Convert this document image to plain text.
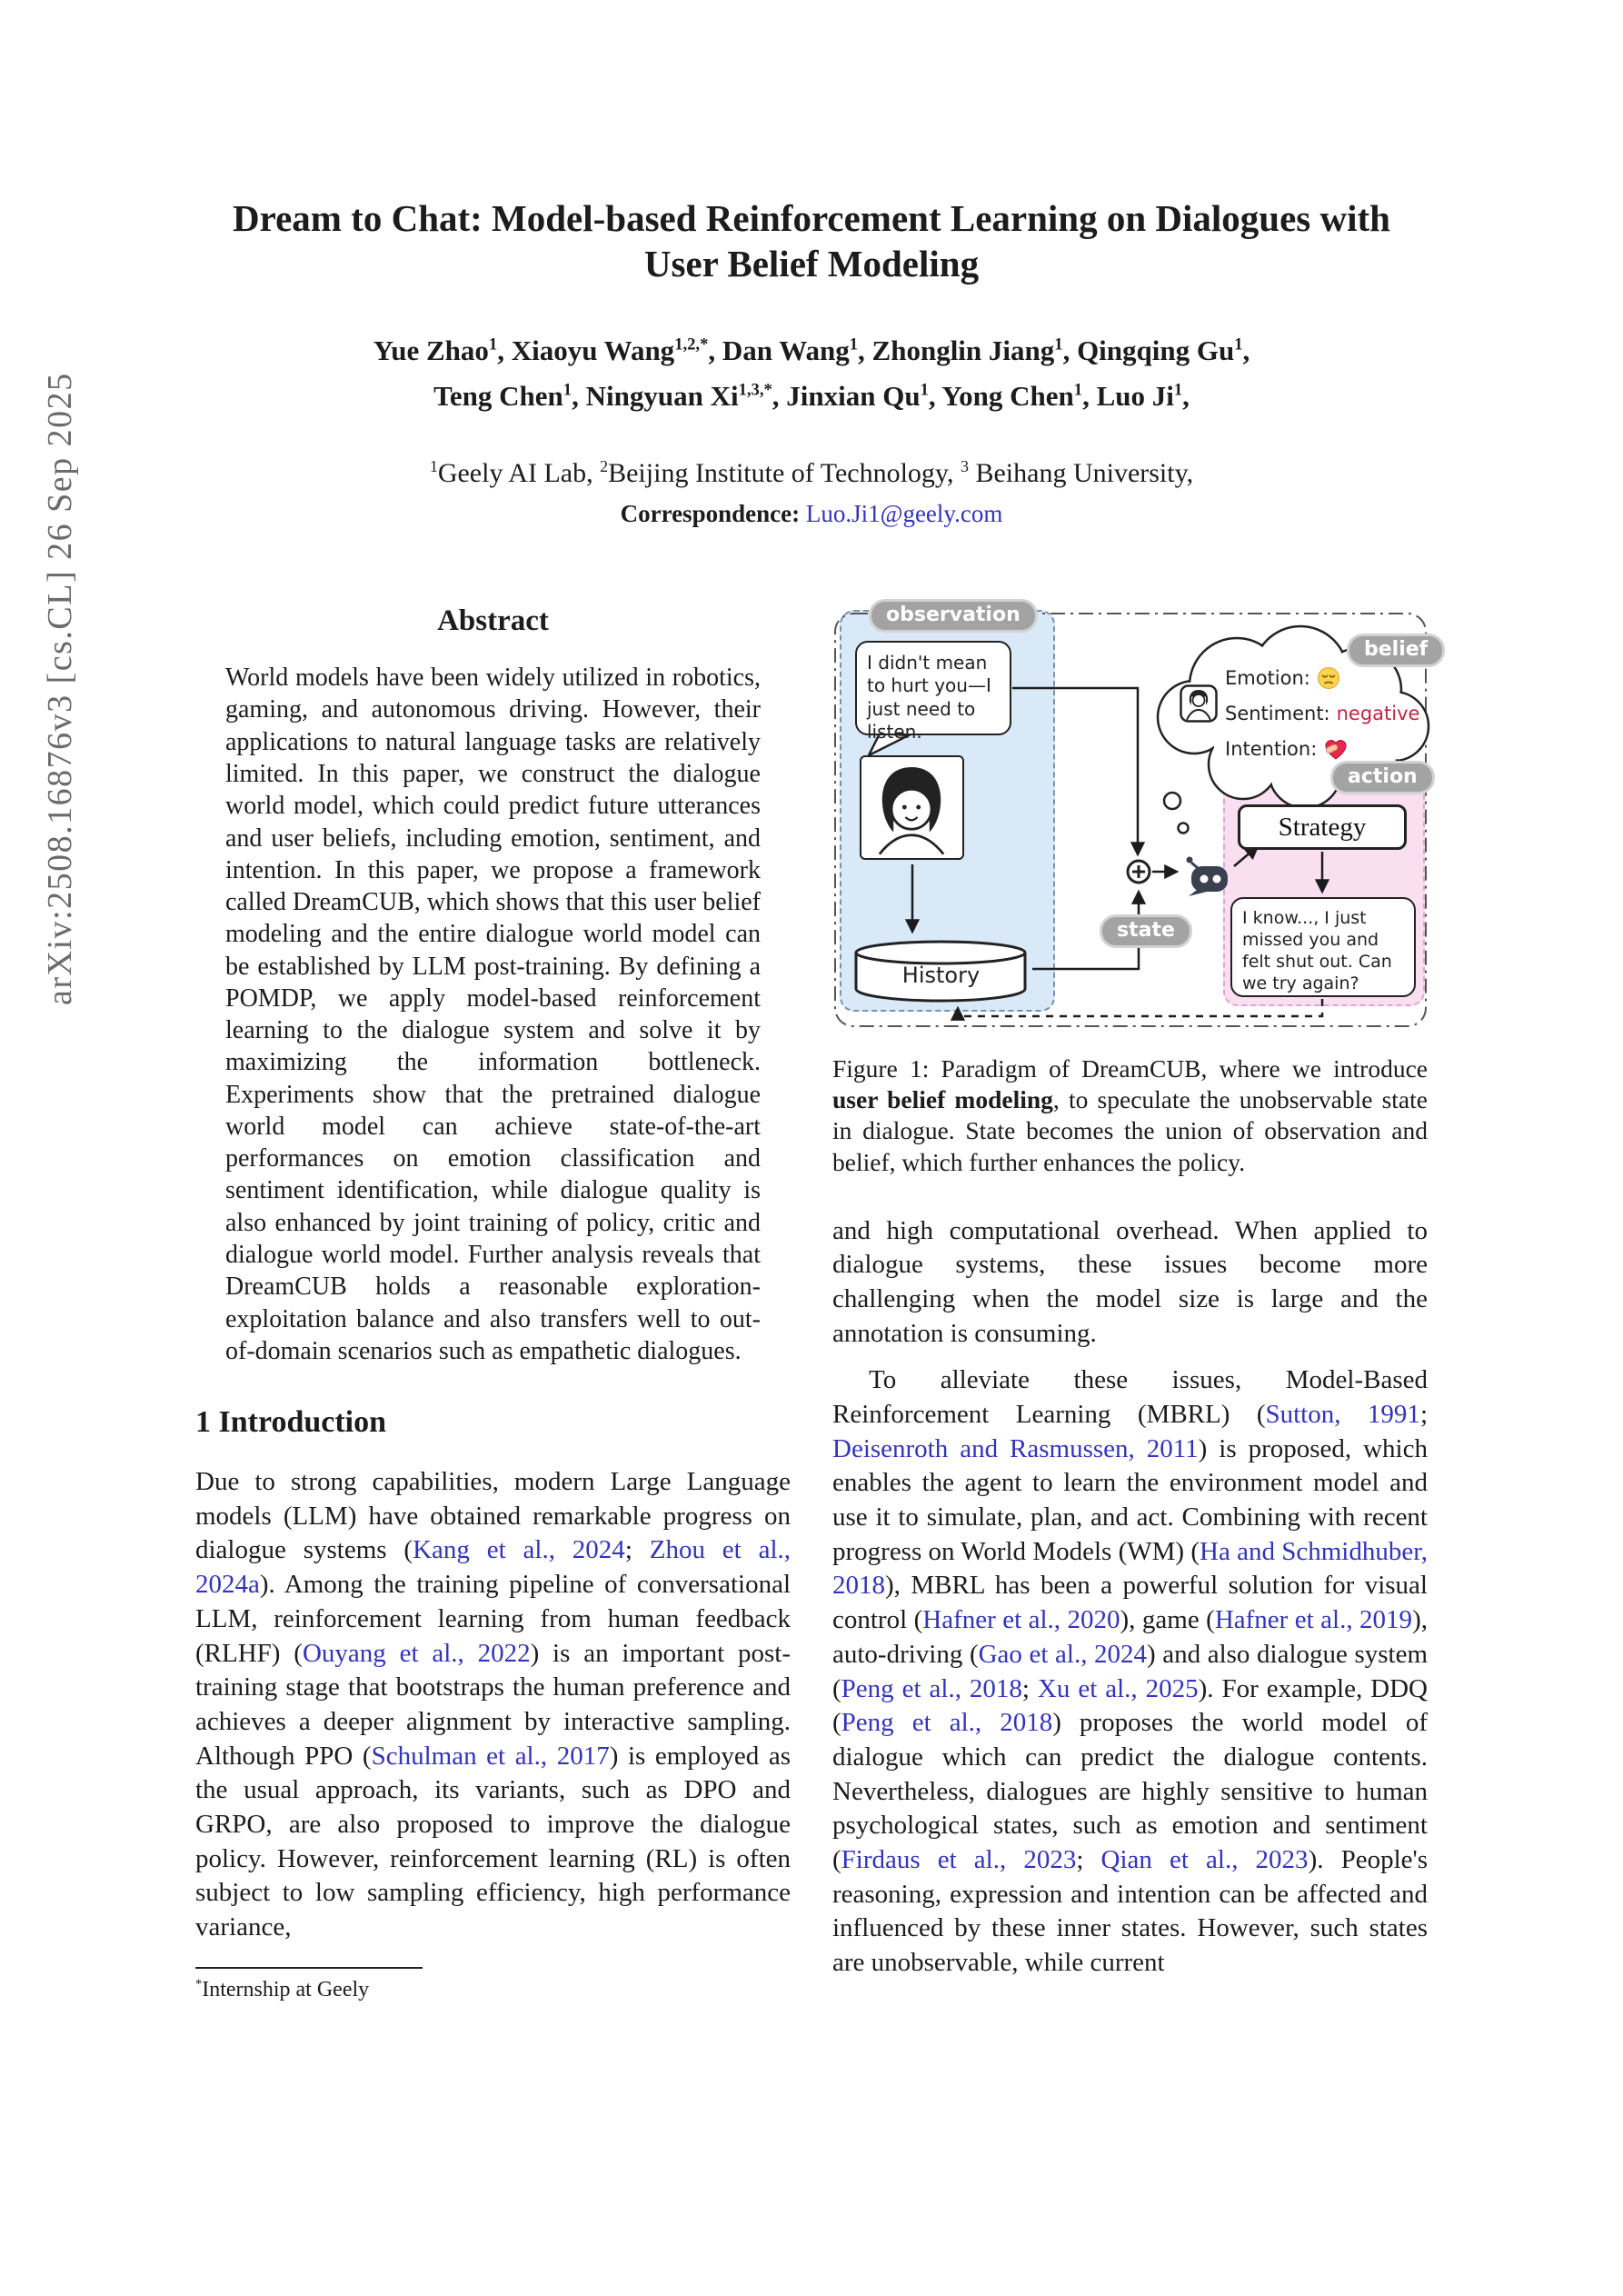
arXiv:2508.16876v3 [cs.CL] 26 Sep 2025
Dream to Chat: Model-based Reinforcement Learning on Dialogues with User Belief Modeling
Yue Zhao$^1$, Xiaoyu Wang$^{1,2,*}$, Dan Wang$^1$, Zhonglin Jiang$^1$, Qingqing Gu$^1$,
Teng Chen$^1$, Ningyuan $Xi^{1,3,*}$, Jinxian Qu$^1$, Yong Chen$^1$, Luo Ji$^1$,
$^1$Geely AI Lab, $^2$Beijing Institute of Technology, $^3$ Beihang University,
Correspondence: Luo.Ji1@geely.com
Abstract

World models have been widely utilized in robotics, gaming, and autonomous driving. However, their applications to natural language tasks are relatively limited. In this paper, we construct the dialogue world model, which could predict future utterances and user beliefs, including emotion, sentiment, and intention. In this paper, we propose a framework called DreamCUB, which shows that this user belief modeling and the entire dialogue world model can be established by LLM post-training. By defining a POMDP, we apply model-based reinforcement learning to the dialogue system and solve it by maximizing the information bottleneck. Experiments show that the pretrained dialogue world model can achieve state-of-the-art performances on emotion classification and sentiment identification, while dialogue quality is also enhanced by joint training of policy, critic and dialogue world model. Further analysis reveals that DreamCUB holds a reasonable exploration-exploitation balance and also transfers well to out-of-domain scenarios such as empathetic dialogues.

1 Introduction

Due to strong capabilities, modern Large Language models (LLM) have obtained remarkable progress on dialogue systems (Kang et al., 2024; Zhou et al., 2024a). Among the training pipeline of conversational LLM, reinforcement learning from human feedback (RLHF) (Ouyang et al., 2022) is an important post-training stage that bootstraps the human preference and achieves a deeper alignment by interactive sampling. Although PPO (Schulman et al., 2017) is employed as the usual approach, its variants, such as DPO and GRPO, are also proposed to improve the dialogue policy. However, reinforcement learning (RL) is often subject to low sampling efficiency, high performance variance,

*Internship at Geely
observation
I didn't mean to hurt you—I just need to listen.
History
state
belief
Emotion:
Sentiment: negative
Intention:
action
Strategy
I know..., I just missed you and felt shut out. Can we try again?
Figure 1: Paradigm of DreamCUB, where we introduce user belief modeling, to speculate the unobservable state in dialogue. State becomes the union of observation and belief, which further enhances the policy.

and high computational overhead. When applied to dialogue systems, these issues become more challenging when the model size is large and the annotation is consuming.

To alleviate these issues, Model-Based Reinforcement Learning (MBRL) (Sutton, 1991; Deisenroth and Rasmussen, 2011) is proposed, which enables the agent to learn the environment model and use it to simulate, plan, and act. Combining with recent progress on World Models (WM) (Ha and Schmidhuber, 2018), MBRL has been a powerful solution for visual control (Hafner et al., 2020), game (Hafner et al., 2019), auto-driving (Gao et al., 2024) and also dialogue system (Peng et al., 2018; Xu et al., 2025). For example, DDQ (Peng et al., 2018) proposes the world model of dialogue which can predict the dialogue contents. Nevertheless, dialogues are highly sensitive to human psychological states, such as emotion and sentiment (Firdaus et al., 2023; Qian et al., 2023). People's reasoning, expression and intention can be affected and influenced by these inner states. However, such states are unobservable, while current
